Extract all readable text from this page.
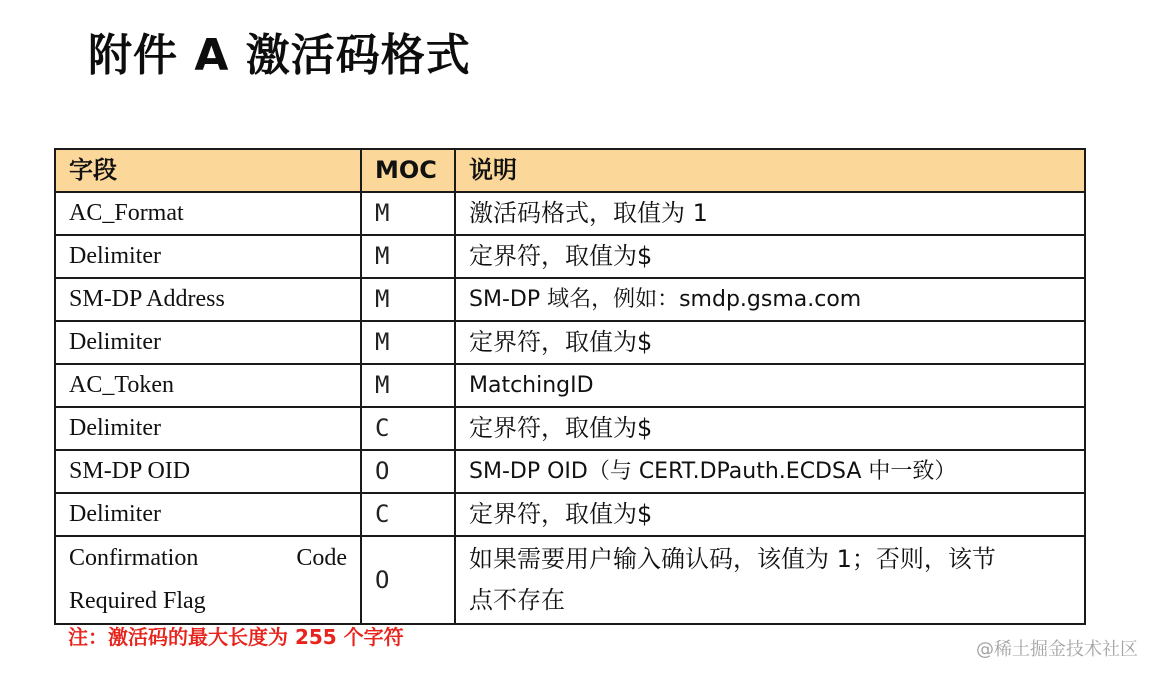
附件 A 激活码格式
字段	MOC	说明
AC_Format	M	激活码格式，取值为 1
Delimiter	M	定界符，取值为$
SM-DP Address	M	SM-DP 域名，例如：smdp.gsma.com
Delimiter	M	定界符，取值为$
AC_Token	M	MatchingID
Delimiter	C	定界符，取值为$
SM-DP OID	O	SM-DP OID（与 CERT.DPauth.ECDSA 中一致）
Delimiter	C	定界符，取值为$

Confirmation Code
Required Flag	O	如果需要用户输入确认码，该值为 1；否则，该节
点不存在
注：激活码的最大长度为 255 个字符
@稀土掘金技术社区
